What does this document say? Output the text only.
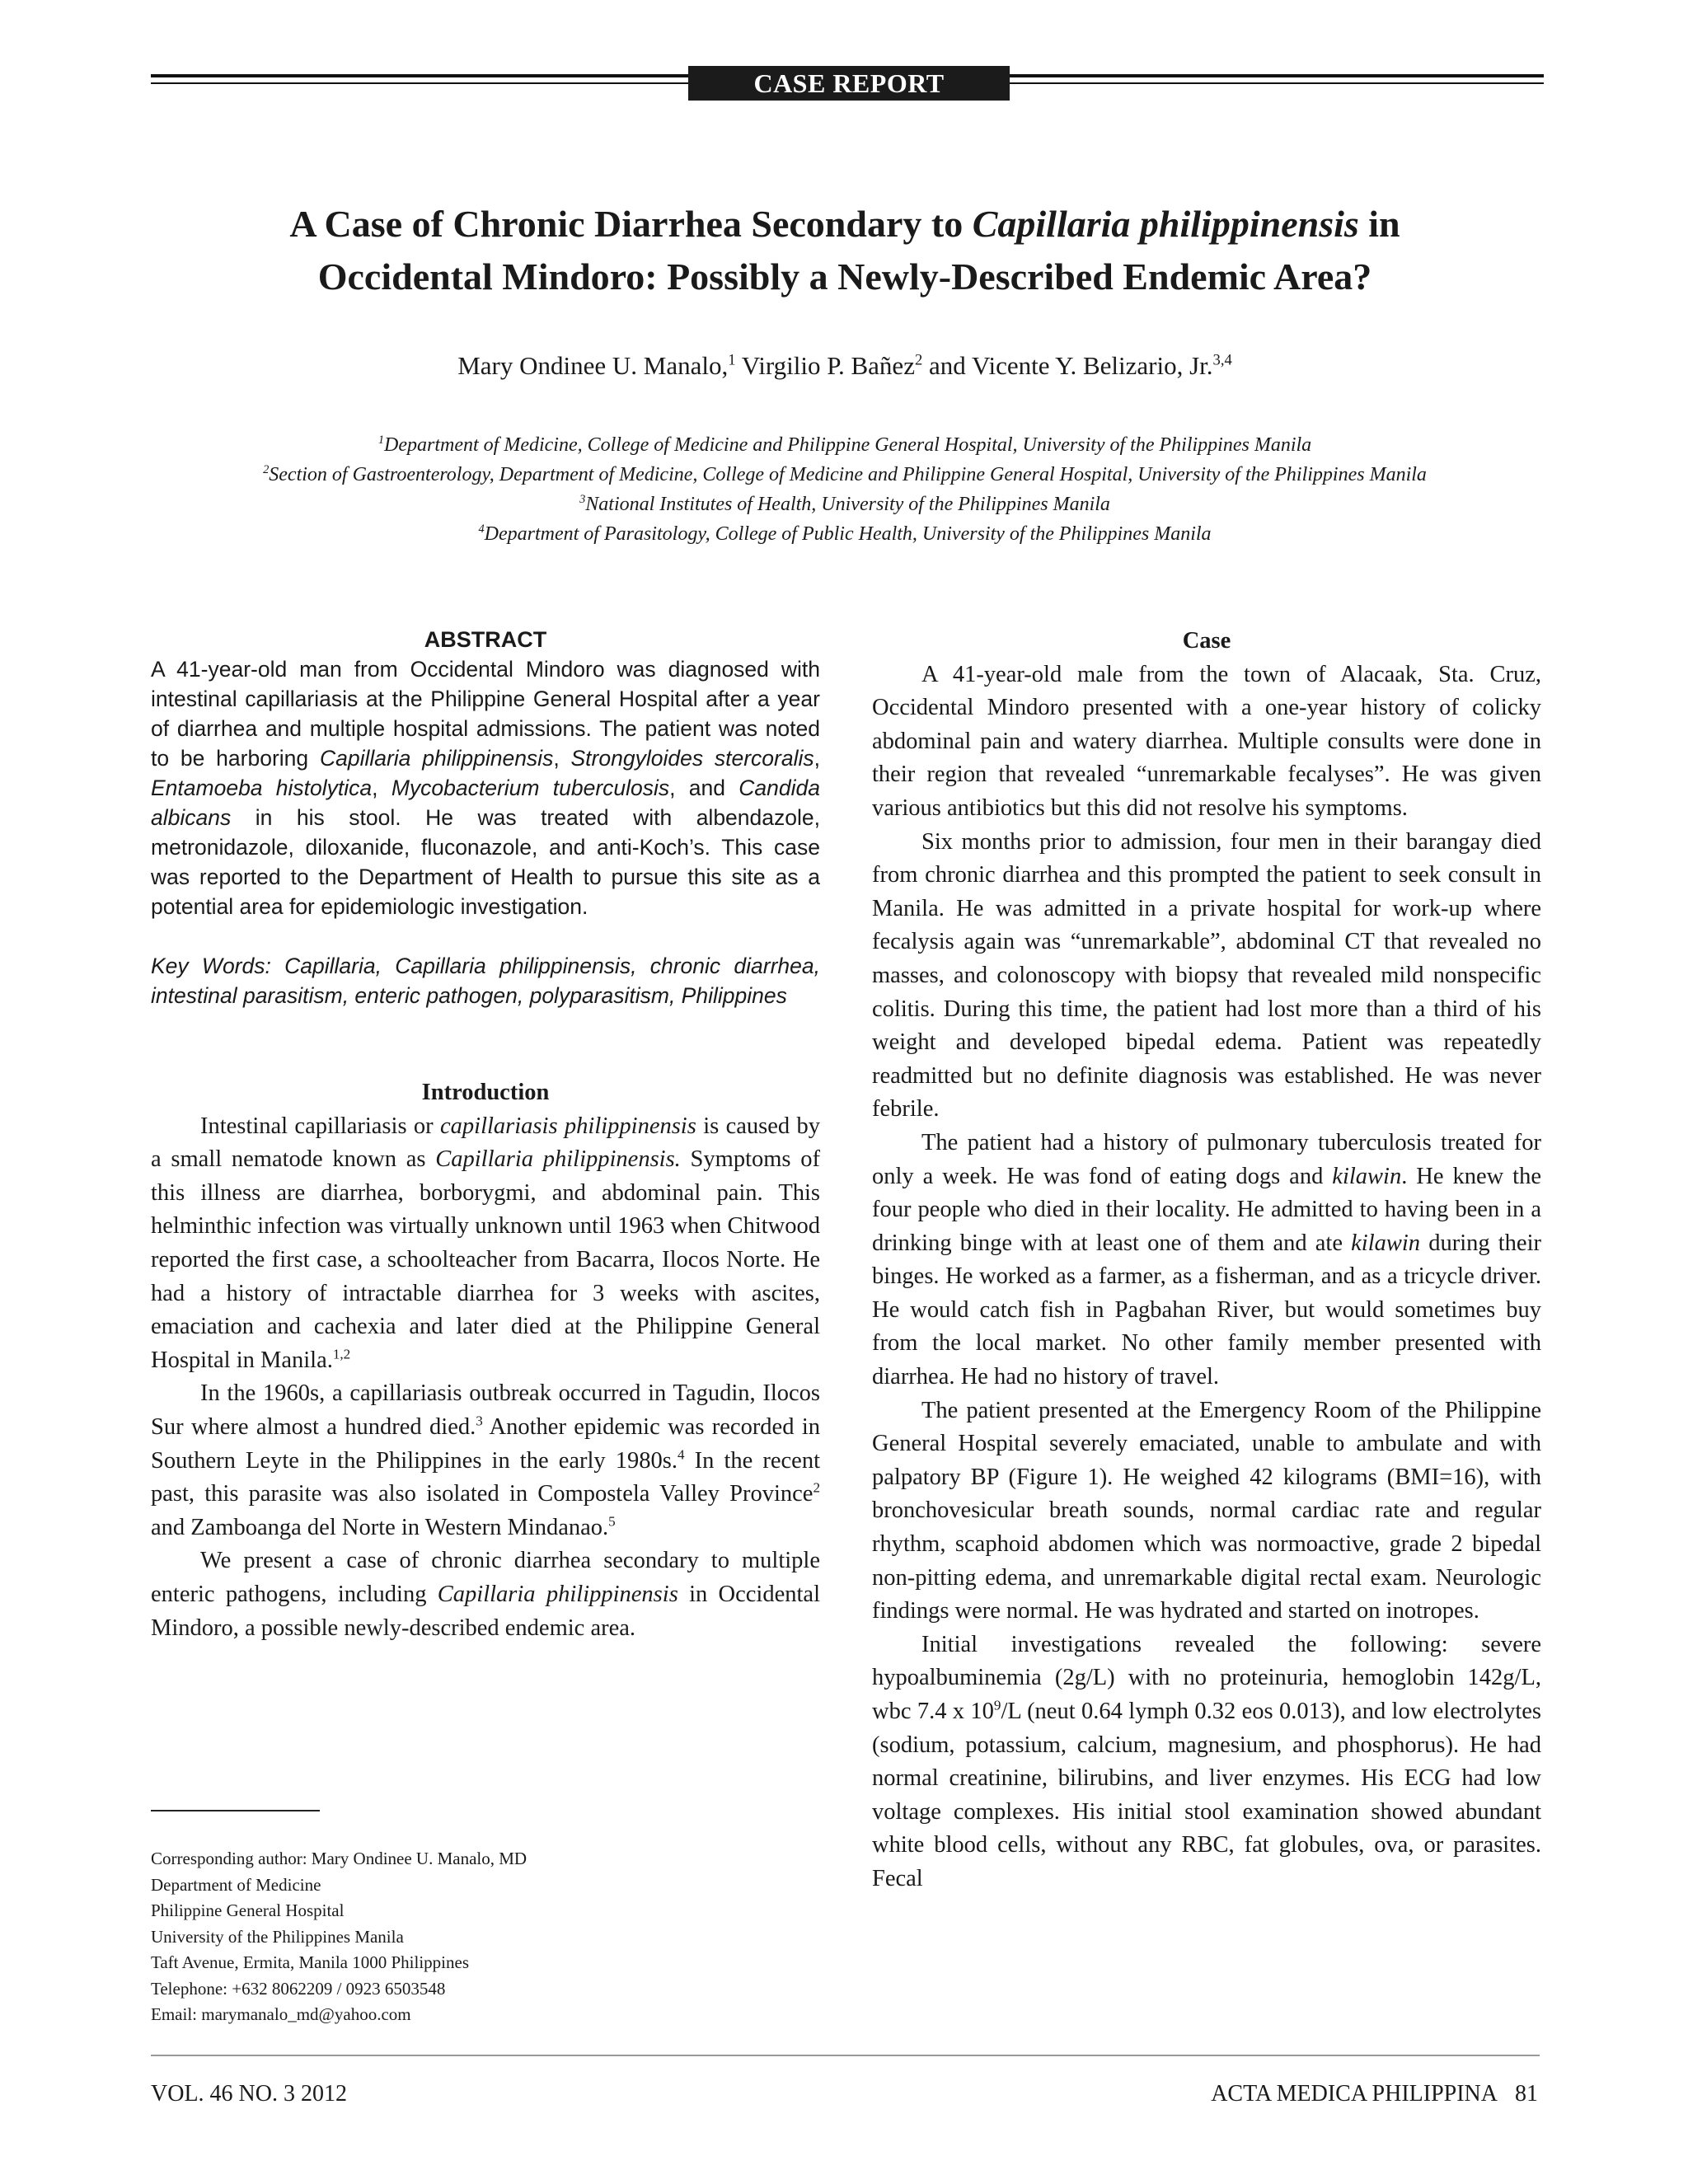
CASE REPORT
A Case of Chronic Diarrhea Secondary to Capillaria philippinensis in
Occidental Mindoro: Possibly a Newly-Described Endemic Area?
Mary Ondinee U. Manalo,$^1$ Virgilio P. Bañez$^2$ and Vicente Y. Belizario, Jr.$^{3,4}$
$^1$Department of Medicine, College of Medicine and Philippine General Hospital, University of the Philippines Manila
$^2$Section of Gastroenterology, Department of Medicine, College of Medicine and Philippine General Hospital, University of the Philippines Manila
$^3$National Institutes of Health, University of the Philippines Manila
$^4$Department of Parasitology, College of Public Health, University of the Philippines Manila
ABSTRACT
A 41-year-old man from Occidental Mindoro was diagnosed with intestinal capillariasis at the Philippine General Hospital after a year of diarrhea and multiple hospital admissions. The patient was noted to be harboring Capillaria philippinensis, Strongyloides stercoralis, Entamoeba histolytica, Mycobacterium tuberculosis, and Candida albicans in his stool. He was treated with albendazole, metronidazole, diloxanide, fluconazole, and anti-Koch’s. This case was reported to the Department of Health to pursue this site as a potential area for epidemiologic investigation.
Key Words: Capillaria, Capillaria philippinensis, chronic diarrhea, intestinal parasitism, enteric pathogen, polyparasitism, Philippines
Introduction

Intestinal capillariasis or capillariasis philippinensis is caused by a small nematode known as Capillaria philippinensis. Symptoms of this illness are diarrhea, borborygmi, and abdominal pain. This helminthic infection was virtually unknown until 1963 when Chitwood reported the first case, a schoolteacher from Bacarra, Ilocos Norte. He had a history of intractable diarrhea for 3 weeks with ascites, emaciation and cachexia and later died at the Philippine General Hospital in Manila.$^{1,2}$

In the 1960s, a capillariasis outbreak occurred in Tagudin, Ilocos Sur where almost a hundred died.$^3$ Another epidemic was recorded in Southern Leyte in the Philippines in the early 1980s.$^4$ In the recent past, this parasite was also isolated in Compostela Valley Province$^2$ and Zamboanga del Norte in Western Mindanao.$^5$

We present a case of chronic diarrhea secondary to multiple enteric pathogens, including Capillaria philippinensis in Occidental Mindoro, a possible newly-described endemic area.

Case

A 41-year-old male from the town of Alacaak, Sta. Cruz, Occidental Mindoro presented with a one-year history of colicky abdominal pain and watery diarrhea. Multiple consults were done in their region that revealed “unremarkable fecalyses”. He was given various antibiotics but this did not resolve his symptoms.

Six months prior to admission, four men in their barangay died from chronic diarrhea and this prompted the patient to seek consult in Manila. He was admitted in a private hospital for work-up where fecalysis again was “unremarkable”, abdominal CT that revealed no masses, and colonoscopy with biopsy that revealed mild nonspecific colitis. During this time, the patient had lost more than a third of his weight and developed bipedal edema. Patient was repeatedly readmitted but no definite diagnosis was established. He was never febrile.

The patient had a history of pulmonary tuberculosis treated for only a week. He was fond of eating dogs and kilawin. He knew the four people who died in their locality. He admitted to having been in a drinking binge with at least one of them and ate kilawin during their binges. He worked as a farmer, as a fisherman, and as a tricycle driver. He would catch fish in Pagbahan River, but would sometimes buy from the local market. No other family member presented with diarrhea. He had no history of travel.

The patient presented at the Emergency Room of the Philippine General Hospital severely emaciated, unable to ambulate and with palpatory BP (Figure 1). He weighed 42 kilograms (BMI=16), with bronchovesicular breath sounds, normal cardiac rate and regular rhythm, scaphoid abdomen which was normoactive, grade 2 bipedal non-pitting edema, and unremarkable digital rectal exam. Neurologic findings were normal. He was hydrated and started on inotropes.

Initial investigations revealed the following: severe hypoalbuminemia (2g/L) with no proteinuria, hemoglobin 142g/L, wbc 7.4 x $10^9/L$ (neut 0.64 lymph 0.32 eos 0.013), and low electrolytes (sodium, potassium, calcium, magnesium, and phosphorus). He had normal creatinine, bilirubins, and liver enzymes. His ECG had low voltage complexes. His initial stool examination showed abundant white blood cells, without any RBC, fat globules, ova, or parasites. Fecal

Corresponding author: Mary Ondinee U. Manalo, MD
Department of Medicine
Philippine General Hospital
University of the Philippines Manila
Taft Avenue, Ermita, Manila 1000 Philippines
Telephone: +632 8062209 / 0923 6503548
Email: marymanalo_md@yahoo.com
VOL. 46 NO. 3 2012	ACTA MEDICA PHILIPPINA 81
